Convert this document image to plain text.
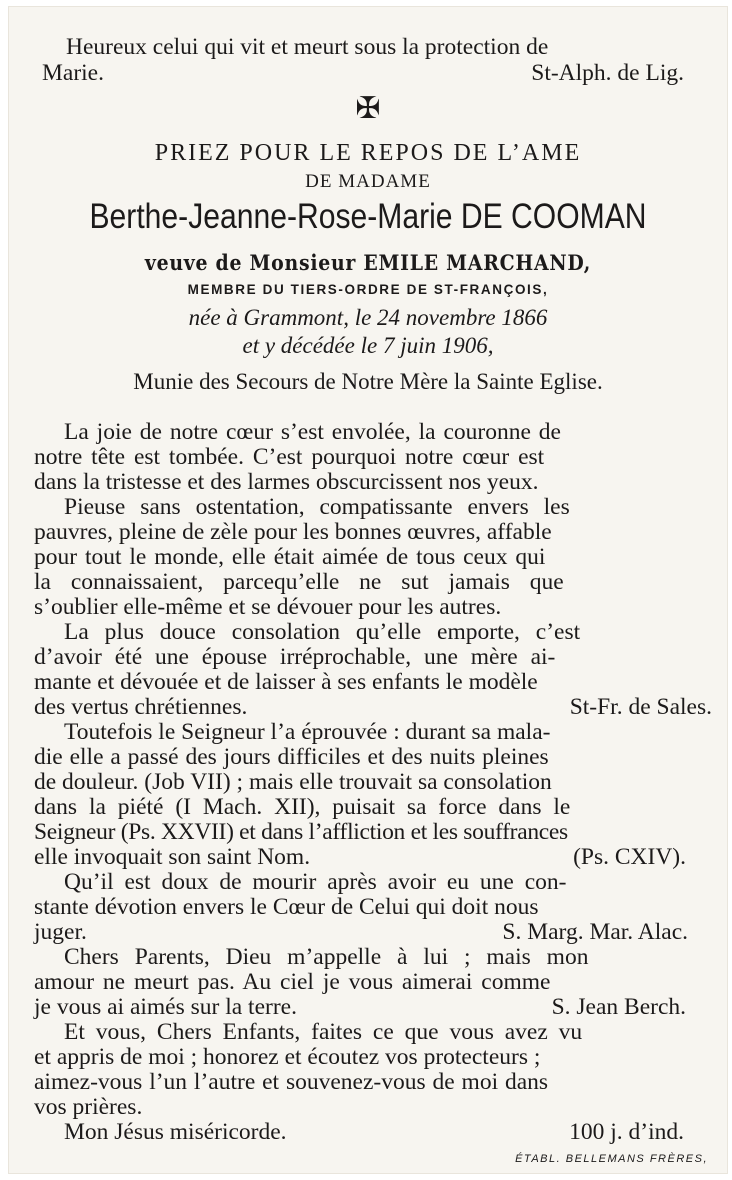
Heureux celui qui vit et meurt sous la protection de
Marie.	St-Alph. de Lig.
✠
PRIEZ POUR LE REPOS DE L’AME
DE MADAME
Berthe-Jeanne-Rose-Marie DE COOMAN
veuve de Monsieur EMILE MARCHAND,
MEMBRE DU TIERS-ORDRE DE ST-FRANÇOIS,
née à Grammont, le 24 novembre 1866
et y décédée le 7 juin 1906,
Munie des Secours de Notre Mère la Sainte Eglise.
La joie de notre cœur s’est envolée, la couronne de
notre tête est tombée. C’est pourquoi notre cœur est
dans la tristesse et des larmes obscurcissent nos yeux.
Pieuse sans ostentation, compatissante envers les
pauvres, pleine de zèle pour les bonnes œuvres, affable
pour tout le monde, elle était aimée de tous ceux qui
la connaissaient, parcequ’elle ne sut jamais que
s’oublier elle-même et se dévouer pour les autres.
La plus douce consolation qu’elle emporte, c’est
d’avoir été une épouse irréprochable, une mère ai-
mante et dévouée et de laisser à ses enfants le modèle
des vertus chrétiennes.	St-Fr. de Sales.
Toutefois le Seigneur l’a éprouvée : durant sa mala-
die elle a passé des jours difficiles et des nuits pleines
de douleur. (Job VII) ; mais elle trouvait sa consolation
dans la piété (I Mach. XII), puisait sa force dans le
Seigneur (Ps. XXVII) et dans l’affliction et les souffrances
elle invoquait son saint Nom.	(Ps. CXIV).
Qu’il est doux de mourir après avoir eu une con-
stante dévotion envers le Cœur de Celui qui doit nous
juger.	S. Marg. Mar. Alac.
Chers Parents, Dieu m’appelle à lui ; mais mon
amour ne meurt pas. Au ciel je vous aimerai comme
je vous ai aimés sur la terre.	S. Jean Berch.
Et vous, Chers Enfants, faites ce que vous avez vu
et appris de moi ; honorez et écoutez vos protecteurs ;
aimez-vous l’un l’autre et souvenez-vous de moi dans
vos prières.
Mon Jésus miséricorde.	100 j. d’ind.
ÉTABL. BELLEMANS FRÈRES,
